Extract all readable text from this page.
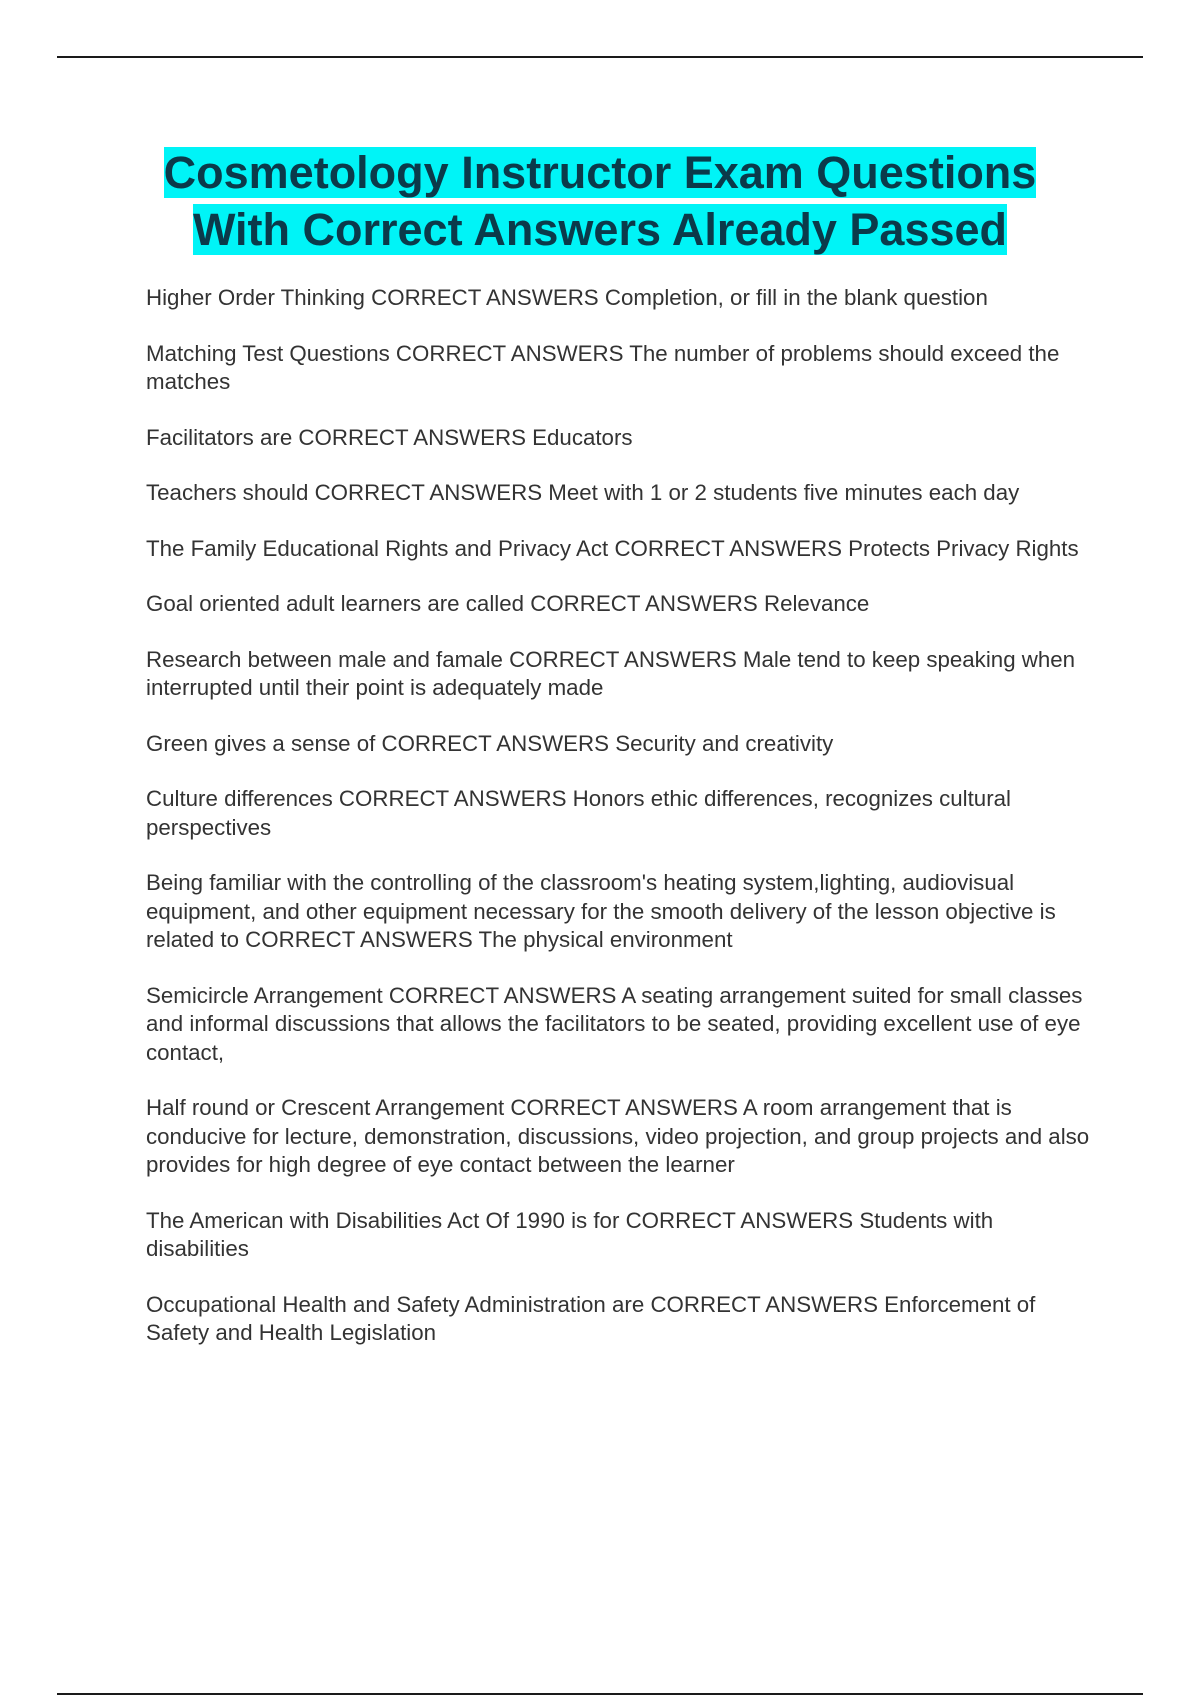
Cosmetology Instructor Exam Questions
With Correct Answers Already Passed
Higher Order Thinking CORRECT ANSWERS Completion, or fill in the blank question
Matching Test Questions CORRECT ANSWERS The number of problems should exceed the matches
Facilitators are CORRECT ANSWERS Educators
Teachers should CORRECT ANSWERS Meet with 1 or 2 students five minutes each day
The Family Educational Rights and Privacy Act CORRECT ANSWERS Protects Privacy Rights
Goal oriented adult learners are called CORRECT ANSWERS Relevance
Research between male and famale CORRECT ANSWERS Male tend to keep speaking when interrupted until their point is adequately made
Green gives a sense of CORRECT ANSWERS Security and creativity
Culture differences CORRECT ANSWERS Honors ethic differences, recognizes cultural perspectives
Being familiar with the controlling of the classroom's heating system,lighting, audiovisual equipment, and other equipment necessary for the smooth delivery of the lesson objective is related to CORRECT ANSWERS The physical environment
Semicircle Arrangement CORRECT ANSWERS A seating arrangement suited for small classes and informal discussions that allows the facilitators to be seated, providing excellent use of eye contact,
Half round or Crescent Arrangement CORRECT ANSWERS A room arrangement that is conducive for lecture, demonstration, discussions, video projection, and group projects and also provides for high degree of eye contact between the learner
The American with Disabilities Act Of 1990 is for CORRECT ANSWERS Students with disabilities
Occupational Health and Safety Administration are CORRECT ANSWERS Enforcement of Safety and Health Legislation
